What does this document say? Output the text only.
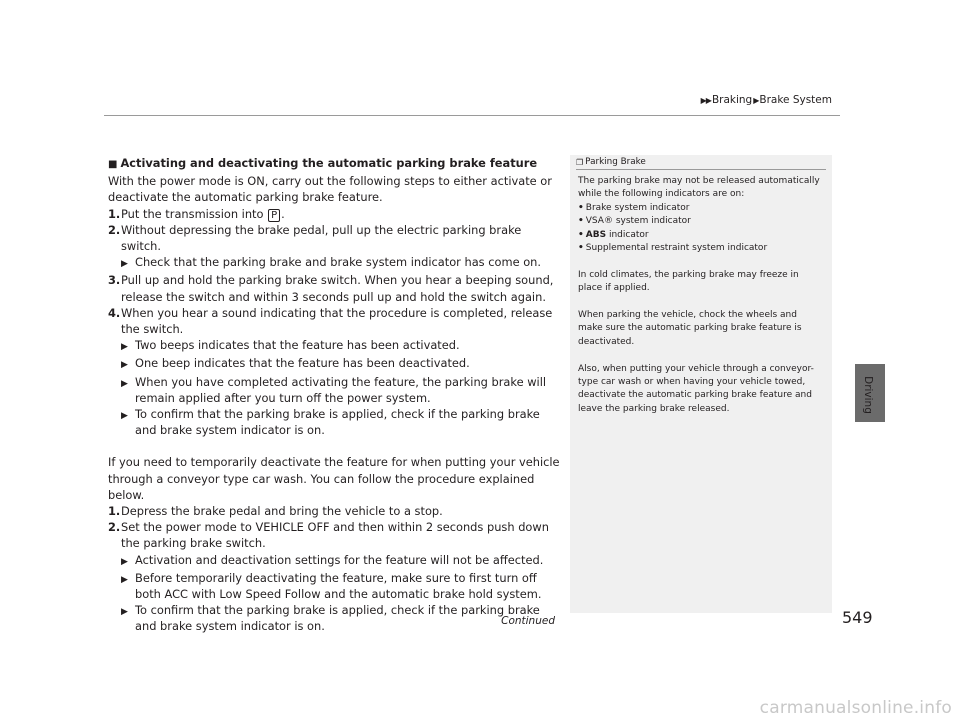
▶▶ Braking ▶ Brake System
Driving

■ Activating and deactivating the automatic parking brake feature

With the power mode is ON, carry out the following steps to either activate or deactivate the automatic parking brake feature.

1. Put the transmission into P .
2. Without depressing the brake pedal, pull up the electric parking brake switch.
▶ Check that the parking brake and brake system indicator has come on.
3. Pull up and hold the parking brake switch. When you hear a beeping sound, release the switch and within 3 seconds pull up and hold the switch again.
4. When you hear a sound indicating that the procedure is completed, release the switch.
▶ Two beeps indicates that the feature has been activated.
▶ One beep indicates that the feature has been deactivated.
▶ When you have completed activating the feature, the parking brake will remain applied after you turn off the power system.
▶ To confirm that the parking brake is applied, check if the parking brake and brake system indicator is on.

If you need to temporarily deactivate the feature for when putting your vehicle through a conveyor type car wash. You can follow the procedure explained below.

1. Depress the brake pedal and bring the vehicle to a stop.
2. Set the power mode to VEHICLE OFF and then within 2 seconds push down the parking brake switch.
▶ Activation and deactivation settings for the feature will not be affected.
▶ Before temporarily deactivating the feature, make sure to first turn off both ACC with Low Speed Follow and the automatic brake hold system.
▶ To confirm that the parking brake is applied, check if the parking brake and brake system indicator is on.
❐ Parking Brake

The parking brake may not be released automatically while the following indicators are on:

• Brake system indicator
• VSA® system indicator
• ABS indicator
• Supplemental restraint system indicator

In cold climates, the parking brake may freeze in place if applied.

When parking the vehicle, chock the wheels and make sure the automatic parking brake feature is deactivated.

Also, when putting your vehicle through a conveyor-type car wash or when having your vehicle towed, deactivate the automatic parking brake feature and leave the parking brake released.

Continued	549
carmanualsonline.info
